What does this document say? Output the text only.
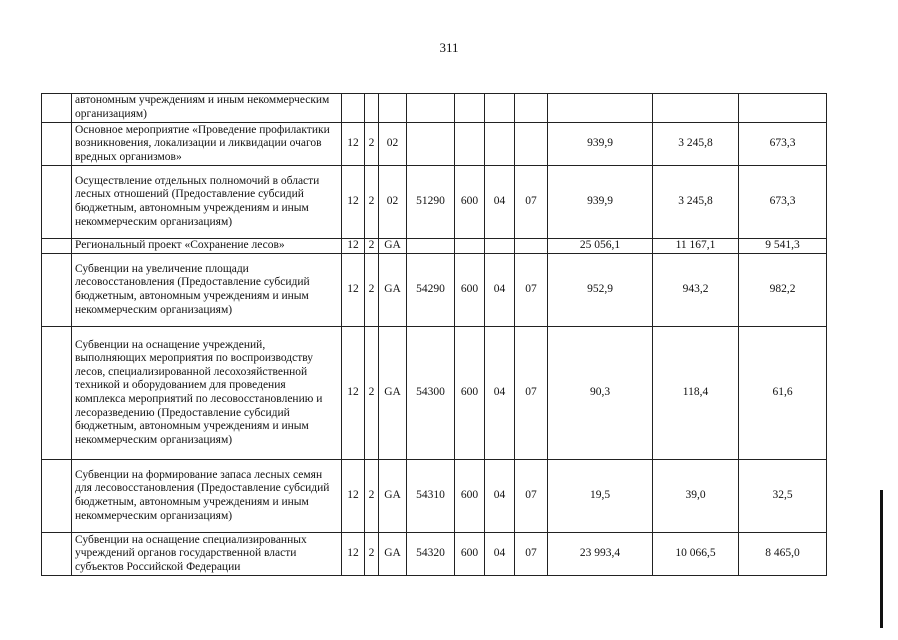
311
	автономным учреждениям и иным некоммерческим организациям)										
	Основное мероприятие «Проведение профилактики возникновения, локализации и ликвидации очагов вредных организмов»	12	2	02					939,9	3 245,8	673,3
	Осуществление отдельных полномочий в области лесных отношений (Предоставление субсидий бюджетным, автономным учреждениям и иным некоммерческим организациям)	12	2	02	51290	600	04	07	939,9	3 245,8	673,3
	Региональный проект «Сохранение лесов»	12	2	GA					25 056,1	11 167,1	9 541,3
	Субвенции на увеличение площади лесовосстановления (Предоставление субсидий бюджетным, автономным учреждениям и иным некоммерческим организациям)	12	2	GA	54290	600	04	07	952,9	943,2	982,2
	Субвенции на оснащение учреждений, выполняющих мероприятия по воспроизводству лесов, специализированной лесохозяйственной техникой и оборудованием для проведения комплекса мероприятий по лесовосстановлению и лесоразведению (Предоставление субсидий бюджетным, автономным учреждениям и иным некоммерческим организациям)	12	2	GA	54300	600	04	07	90,3	118,4	61,6
	Субвенции на формирование запаса лесных семян для лесовосстановления (Предоставление субсидий бюджетным, автономным учреждениям и иным некоммерческим организациям)	12	2	GA	54310	600	04	07	19,5	39,0	32,5
	Субвенции на оснащение специализированных учреждений органов государственной власти субъектов Российской Федерации	12	2	GA	54320	600	04	07	23 993,4	10 066,5	8 465,0
